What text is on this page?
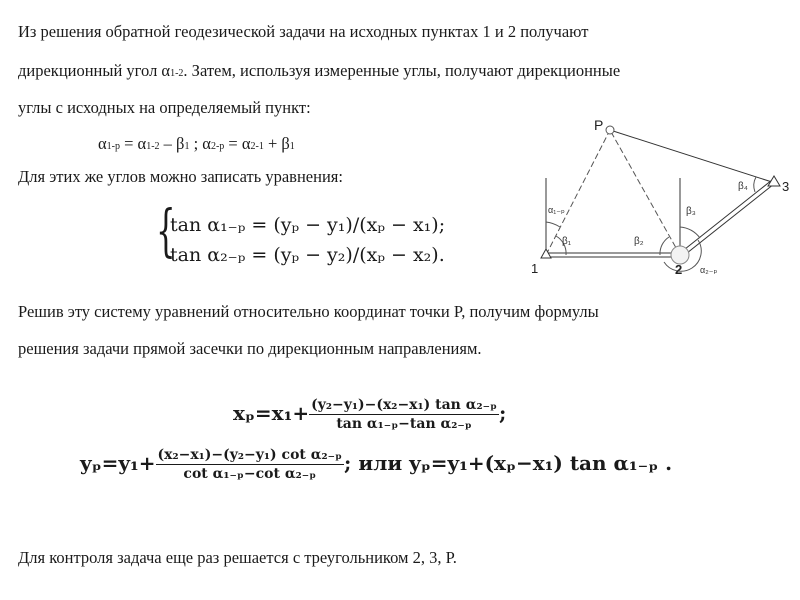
Из решения обратной геодезической задачи на исходных пунктах 1 и 2 получают
дирекционный угол α1-2. Затем, используя измеренные углы, получают дирекционные
углы с исходных на определяемый пункт:
α1-р = α1-2 – β1 ; α2-р = α2-1 + β1
Для этих же углов можно записать уравнения:
{
tan α₁₋ₚ = (yₚ − y₁)/(xₚ − x₁);
tan α₂₋ₚ = (yₚ − y₂)/(xₚ − x₂).
Решив эту систему уравнений относительно координат точки P, получим формулы
решения задачи прямой засечки по дирекционным направлениям.
$x_p=x_1+ \frac{\text{(y₂−y₁)−(x₂−x₁) tan α₂₋ₚ}}{\text{tan α₁₋ₚ−tan α₂₋ₚ}}$ ;
$y_p=y_1+ \frac{\text{(x₂−x₁)−(y₂−y₁) cot α₂₋ₚ}}{\text{cot α₁₋ₚ−cot α₂₋ₚ}}$ ; или yₚ=y₁+(xₚ−x₁) tan α₁₋ₚ .
Для контроля задача еще раз решается с треугольником 2, 3, Р.
P
1	2
3
α₁₋ₚ
β₁	β₂
β₃
β₄
α₂₋ₚ
